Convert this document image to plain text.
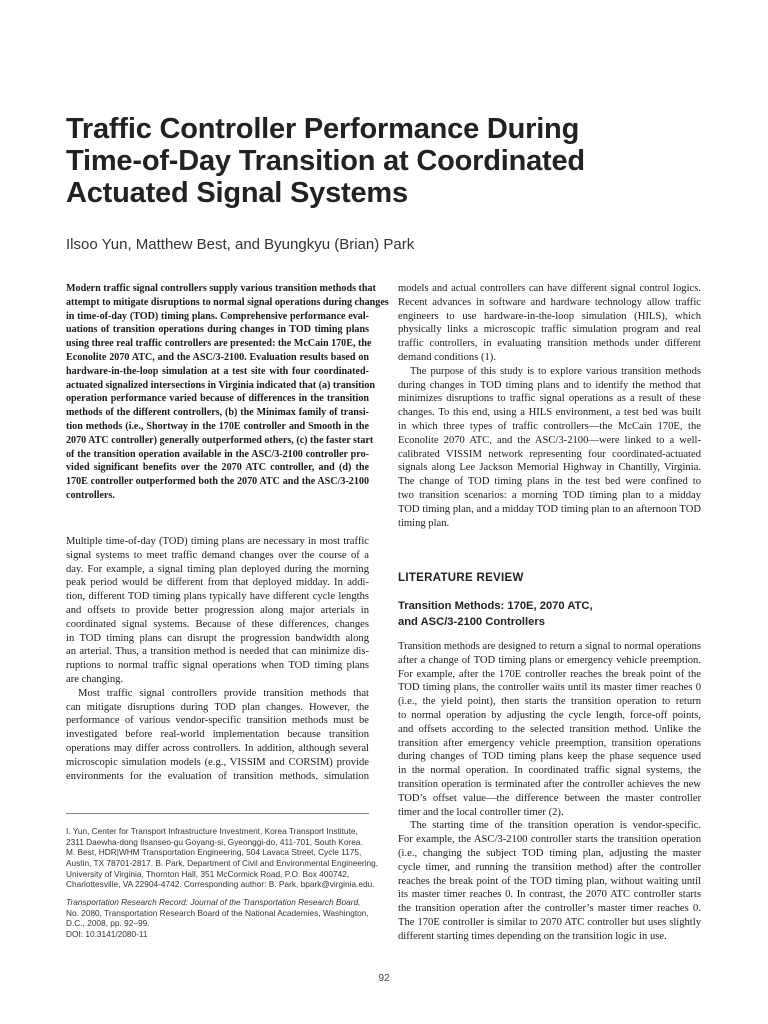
Traffic Controller Performance During
Time-of-Day Transition at Coordinated
Actuated Signal Systems

Ilsoo Yun, Matthew Best, and Byungkyu (Brian) Park

Modern traffic signal controllers supply various transition methods that
attempt to mitigate disruptions to normal signal operations during changes
in time-of-day (TOD) timing plans. Comprehensive performance eval-
uations of transition operations during changes in TOD timing plans
using three real traffic controllers are presented: the McCain 170E, the
Econolite 2070 ATC, and the ASC/3-2100. Evaluation results based on
hardware-in-the-loop simulation at a test site with four coordinated-
actuated signalized intersections in Virginia indicated that (a) transition
operation performance varied because of differences in the transition
methods of the different controllers, (b) the Minimax family of transi-
tion methods (i.e., Shortway in the 170E controller and Smooth in the
2070 ATC controller) generally outperformed others, (c) the faster start
of the transition operation available in the ASC/3-2100 controller pro-
vided significant benefits over the 2070 ATC controller, and (d) the
170E controller outperformed both the 2070 ATC and the ASC/3-2100
controllers.
Multiple time-of-day (TOD) timing plans are necessary in most traffic
signal systems to meet traffic demand changes over the course of a
day. For example, a signal timing plan deployed during the morning
peak period would be different from that deployed midday. In addi-
tion, different TOD timing plans typically have different cycle lengths
and offsets to provide better progression along major arterials in
coordinated signal systems. Because of these differences, changes
in TOD timing plans can disrupt the progression bandwidth along
an arterial. Thus, a transition method is needed that can minimize dis-
ruptions to normal traffic signal operations when TOD timing plans
are changing.
Most traffic signal controllers provide transition methods that
can mitigate disruptions during TOD plan changes. However, the
performance of various vendor-specific transition methods must be
investigated before real-world implementation because transition
operations may differ across controllers. In addition, although several
microscopic simulation models (e.g., VISSIM and CORSIM) provide
environments for the evaluation of transition methods, simulation
I. Yun, Center for Transport Infrastructure Investment, Korea Transport Institute,
2311 Daewha-dong Ilsanseo-gu Goyang-si, Gyeonggi-do, 411-701, South Korea.
M. Best, HDR|WHM Transportation Engineering, 504 Lavaca Street, Cycle 1175,
Austin, TX 78701-2817. B. Park, Department of Civil and Environmental Engineering,
University of Virginia, Thornton Hall, 351 McCormick Road, P.O. Box 400742,
Charlottesville, VA 22904-4742. Corresponding author: B. Park, bpark@virginia.edu.
Transportation Research Record: Journal of the Transportation Research Board,
No. 2080, Transportation Research Board of the National Academies, Washington,
D.C., 2008, pp. 92–99.
DOI: 10.3141/2080-11
models and actual controllers can have different signal control logics.
Recent advances in software and hardware technology allow traffic
engineers to use hardware-in-the-loop simulation (HILS), which
physically links a microscopic traffic simulation program and real
traffic controllers, in evaluating transition methods under different
demand conditions (1).
The purpose of this study is to explore various transition methods
during changes in TOD timing plans and to identify the method that
minimizes disruptions to traffic signal operations as a result of these
changes. To this end, using a HILS environment, a test bed was built
in which three types of traffic controllers—the McCain 170E, the
Econolite 2070 ATC, and the ASC/3-2100—were linked to a well-
calibrated VISSIM network representing four coordinated-actuated
signals along Lee Jackson Memorial Highway in Chantilly, Virginia.
The change of TOD timing plans in the test bed were confined to
two transition scenarios: a morning TOD timing plan to a midday
TOD timing plan, and a midday TOD timing plan to an afternoon TOD
timing plan.
LITERATURE REVIEW
Transition Methods: 170E, 2070 ATC,
and ASC/3-2100 Controllers
Transition methods are designed to return a signal to normal operations
after a change of TOD timing plans or emergency vehicle preemption.
For example, after the 170E controller reaches the break point of the
TOD timing plans, the controller waits until its master timer reaches 0
(i.e., the yield point), then starts the transition operation to return
to normal operation by adjusting the cycle length, force-off points,
and offsets according to the selected transition method. Unlike the
transition after emergency vehicle preemption, transition operations
during changes of TOD timing plans keep the phase sequence used
in the normal operation. In coordinated traffic signal systems, the
transition operation is terminated after the controller achieves the new
TOD’s offset value—the difference between the master controller
timer and the local controller timer (2).
The starting time of the transition operation is vendor-specific.
For example, the ASC/3-2100 controller starts the transition operation
(i.e., changing the subject TOD timing plan, adjusting the master
cycle timer, and running the transition method) after the controller
reaches the break point of the TOD timing plan, without waiting until
its master timer reaches 0. In contrast, the 2070 ATC controller starts
the transition operation after the controller’s master timer reaches 0.
The 170E controller is similar to 2070 ATC controller but uses slightly
different starting times depending on the transition logic in use.
92
